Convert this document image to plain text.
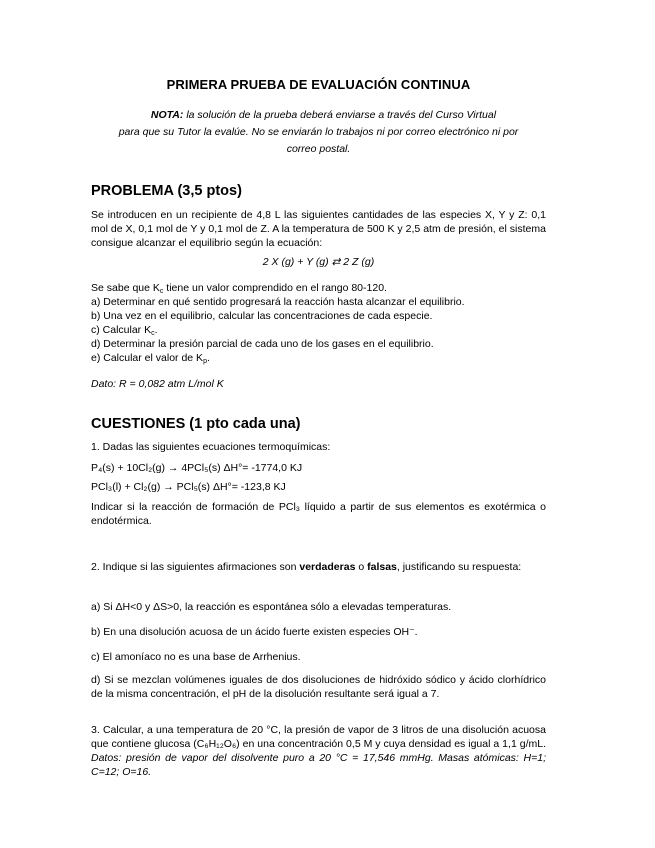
PRIMERA PRUEBA DE EVALUACIÓN CONTINUA
NOTA: la solución de la prueba deberá enviarse a través del Curso Virtual
para que su Tutor la evalúe. No se enviarán lo trabajos ni por correo electrónico ni por
correo postal.
PROBLEMA (3,5 ptos)

Se introducen en un recipiente de 4,8 L las siguientes cantidades de las especies X, Y y Z: 0,1 mol de X, 0,1 mol de Y y 0,1 mol de Z. A la temperatura de 500 K y 2,5 atm de presión, el sistema consigue alcanzar el equilibrio según la ecuación:

2 X (g) + Y (g) ⇄ 2 Z (g)

Se sabe que $K_c$ tiene un valor comprendido en el rango 80-120.
a) Determinar en qué sentido progresará la reacción hasta alcanzar el equilibrio.
b) Una vez en el equilibrio, calcular las concentraciones de cada especie.
c) Calcular $K_c$.
d) Determinar la presión parcial de cada uno de los gases en el equilibrio.
e) Calcular el valor de $K_p$.

Dato: R = 0,082 atm L/mol K

CUESTIONES (1 pto cada una)

1. Dadas las siguientes ecuaciones termoquímicas:

P₄(s) + 10Cl₂(g) → 4PCl₅(s) ΔH°= -1774,0 KJ

PCl₃(l) + Cl₂(g) → PCl₅(s) ΔH°= -123,8 KJ

Indicar si la reacción de formación de PCl₃ líquido a partir de sus elementos es exotérmica o endotérmica.

2. Indique si las siguientes afirmaciones son verdaderas o falsas, justificando su respuesta:

a) Si ΔH<0 y ΔS>0, la reacción es espontánea sólo a elevadas temperaturas.

b) En una disolución acuosa de un ácido fuerte existen especies OH⁻.

c) El amoníaco no es una base de Arrhenius.

d) Si se mezclan volúmenes iguales de dos disoluciones de hidróxido sódico y ácido clorhídrico de la misma concentración, el pH de la disolución resultante será igual a 7.

3. Calcular, a una temperatura de 20 °C, la presión de vapor de 3 litros de una disolución acuosa que contiene glucosa (C₆H₁₂O₆) en una concentración 0,5 M y cuya densidad es igual a 1,1 g/mL. Datos: presión de vapor del disolvente puro a 20 °C = 17,546 mmHg. Masas atómicas: H=1; C=12; O=16.
